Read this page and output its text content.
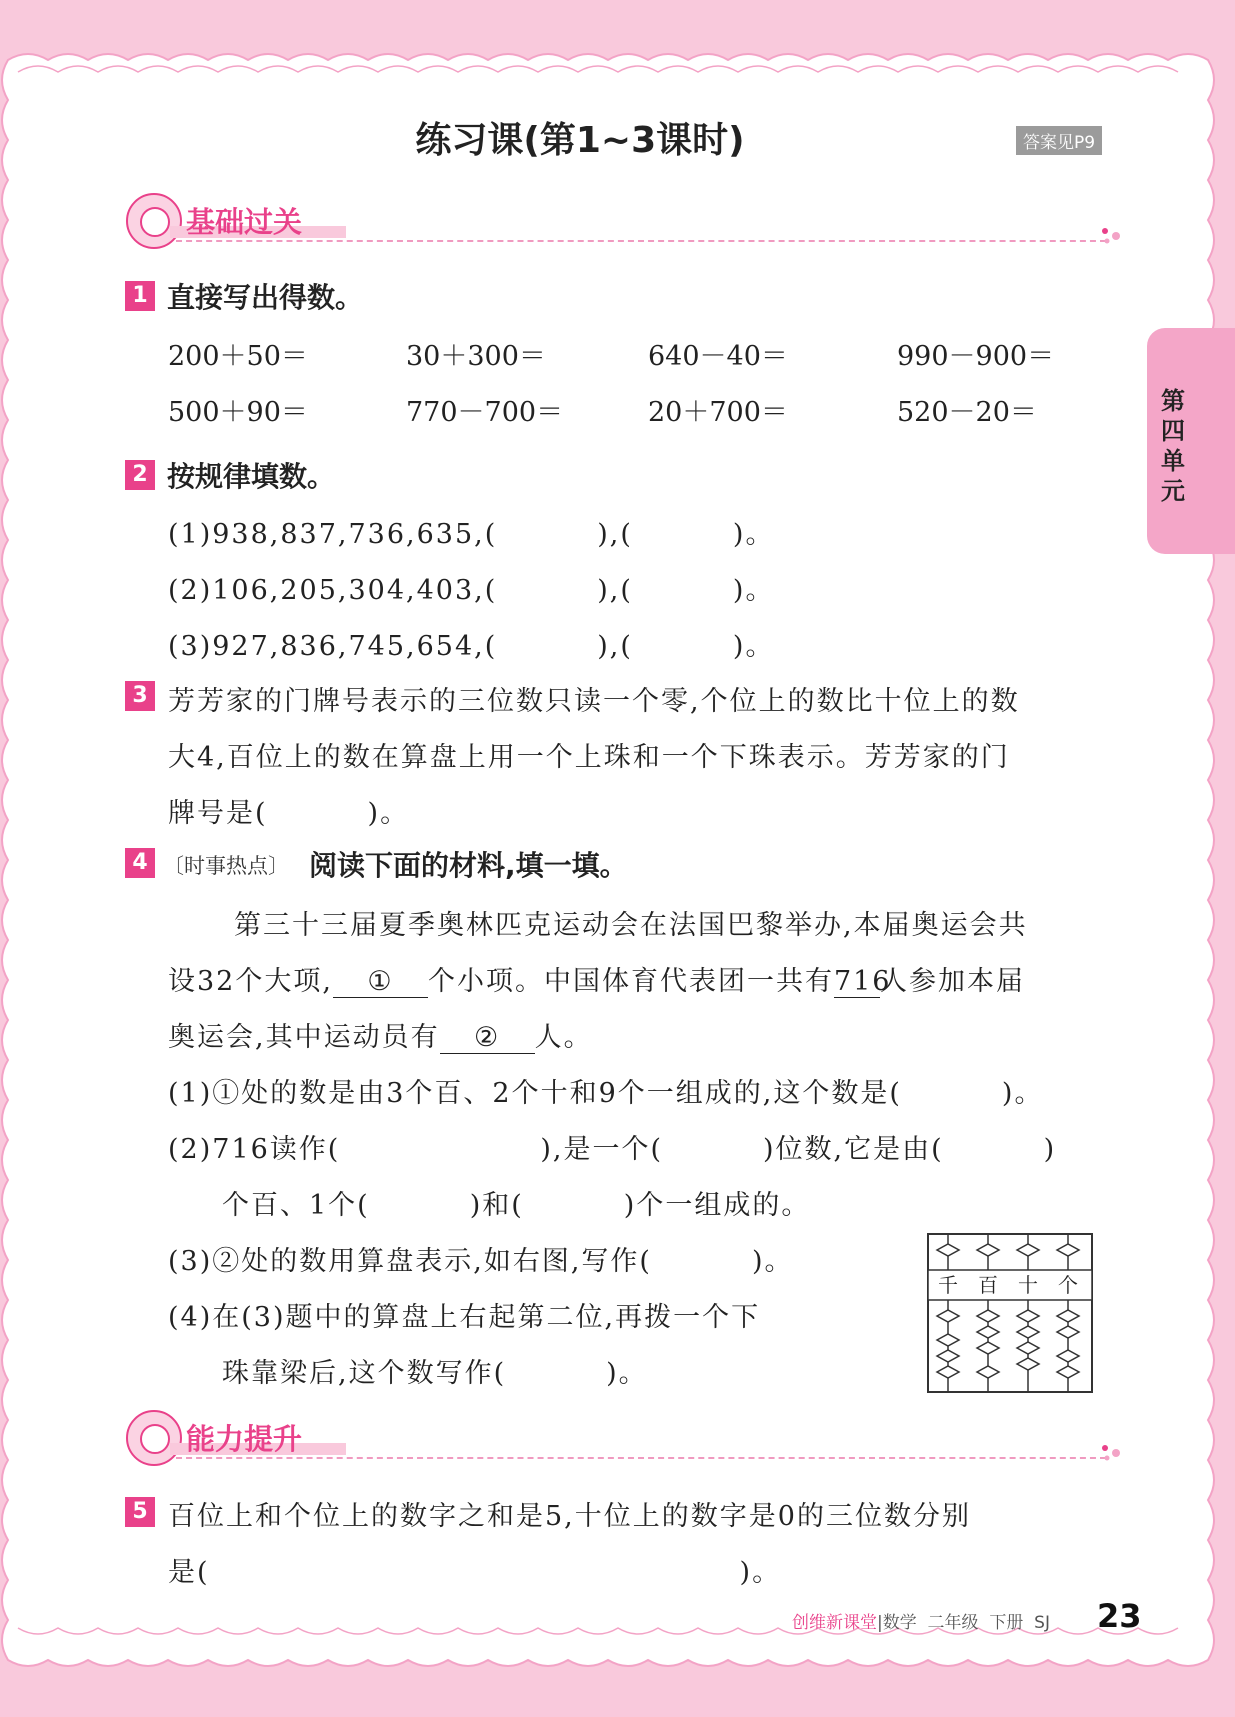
第四单元
练习课(第1~3课时)	答案见P9
基础过关
1 直接写出得数。
200＋50＝	30＋300＝	640－40＝	990－900＝
500＋90＝	770－700＝	20＋700＝	520－20＝
2 按规律填数。
(1)938,837,736,635,(	),(	)。
(2)106,205,304,403,(	),(	)。
(3)927,836,745,654,(	),(	)。
3 芳芳家的门牌号表示的三位数只读一个零,个位上的数比十位上的数
大4,百位上的数在算盘上用一个上珠和一个下珠表示。芳芳家的门
牌号是(	)。
4 〔时事热点〕 阅读下面的材料,填一填。
第三十三届夏季奥林匹克运动会在法国巴黎举办,本届奥运会共
设32个大项, ① 个小项。中国体育代表团一共有716人参加本届
奥运会,其中运动员有 ② 人。
(1)①处的数是由3个百、2个十和9个一组成的,这个数是(	)。
(2)716读作(	),是一个(	)位数,它是由(	)
个百、1个(	)和(	)个一组成的。
(3)②处的数用算盘表示,如右图,写作(	)。
(4)在(3)题中的算盘上右起第二位,再拨一个下
珠靠梁后,这个数写作(	)。
千 百 十 个
能力提升
5 百位上和个位上的数字之和是5,十位上的数字是0的三位数分别
是(	)。
创维新课堂|数学  二年级  下册  SJ 23
